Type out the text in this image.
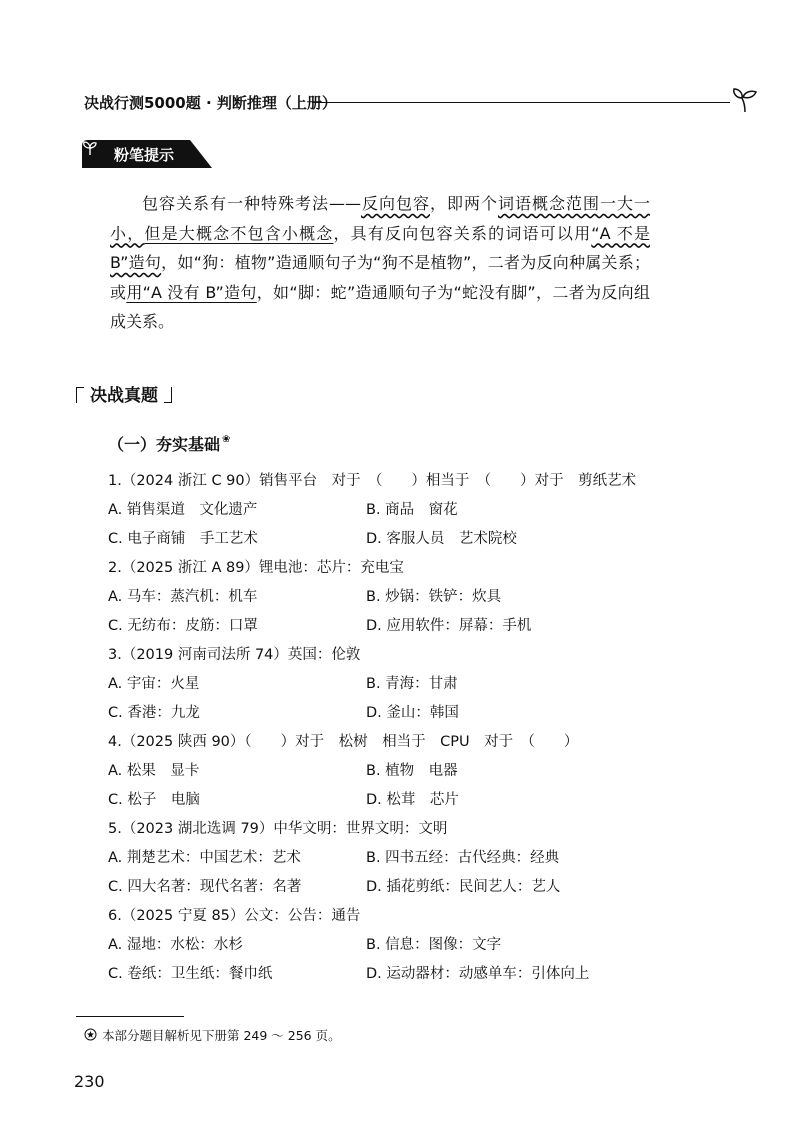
决战行测5000题 · 判断推理（上册）
粉笔提示

包容关系有一种特殊考法——反向包容，即两个词语概念范围一大一小，但是大概念不包含小概念，具有反向包容关系的词语可以用“A 不是 B”造句，如“狗：植物”造通顺句子为“狗不是植物”，二者为反向种属关系；或用“A 没有 B”造句，如“脚：蛇”造通顺句子为“蛇没有脚”，二者为反向组成关系。

决战真题
（一）夯实基础 ❀
1.（2024 浙江 C 90）销售平台　对于　（　　）相当于　（　　）对于　剪纸艺术
A. 销售渠道　文化遗产	B. 商品　窗花
C. 电子商铺　手工艺术	D. 客服人员　艺术院校
2.（2025 浙江 A 89）锂电池：芯片：充电宝
A. 马车：蒸汽机：机车	B. 炒锅：铁铲：炊具
C. 无纺布：皮筋：口罩	D. 应用软件：屏幕：手机
3.（2019 河南司法所 74）英国：伦敦
A. 宇宙：火星	B. 青海：甘肃
C. 香港：九龙	D. 釜山：韩国
4.（2025 陕西 90）（　　）对于　松树　相当于　CPU　对于　（　　）
A. 松果　显卡	B. 植物　电器
C. 松子　电脑	D. 松茸　芯片
5.（2023 湖北选调 79）中华文明：世界文明：文明
A. 荆楚艺术：中国艺术：艺术	B. 四书五经：古代经典：经典
C. 四大名著：现代名著：名著	D. 插花剪纸：民间艺人：艺人
6.（2025 宁夏 85）公文：公告：通告
A. 湿地：水松：水杉	B. 信息：图像：文字
C. 卷纸：卫生纸：餐巾纸	D. 运动器材：动感单车：引体向上
本部分题目解析见下册第 249 ～ 256 页。
230
